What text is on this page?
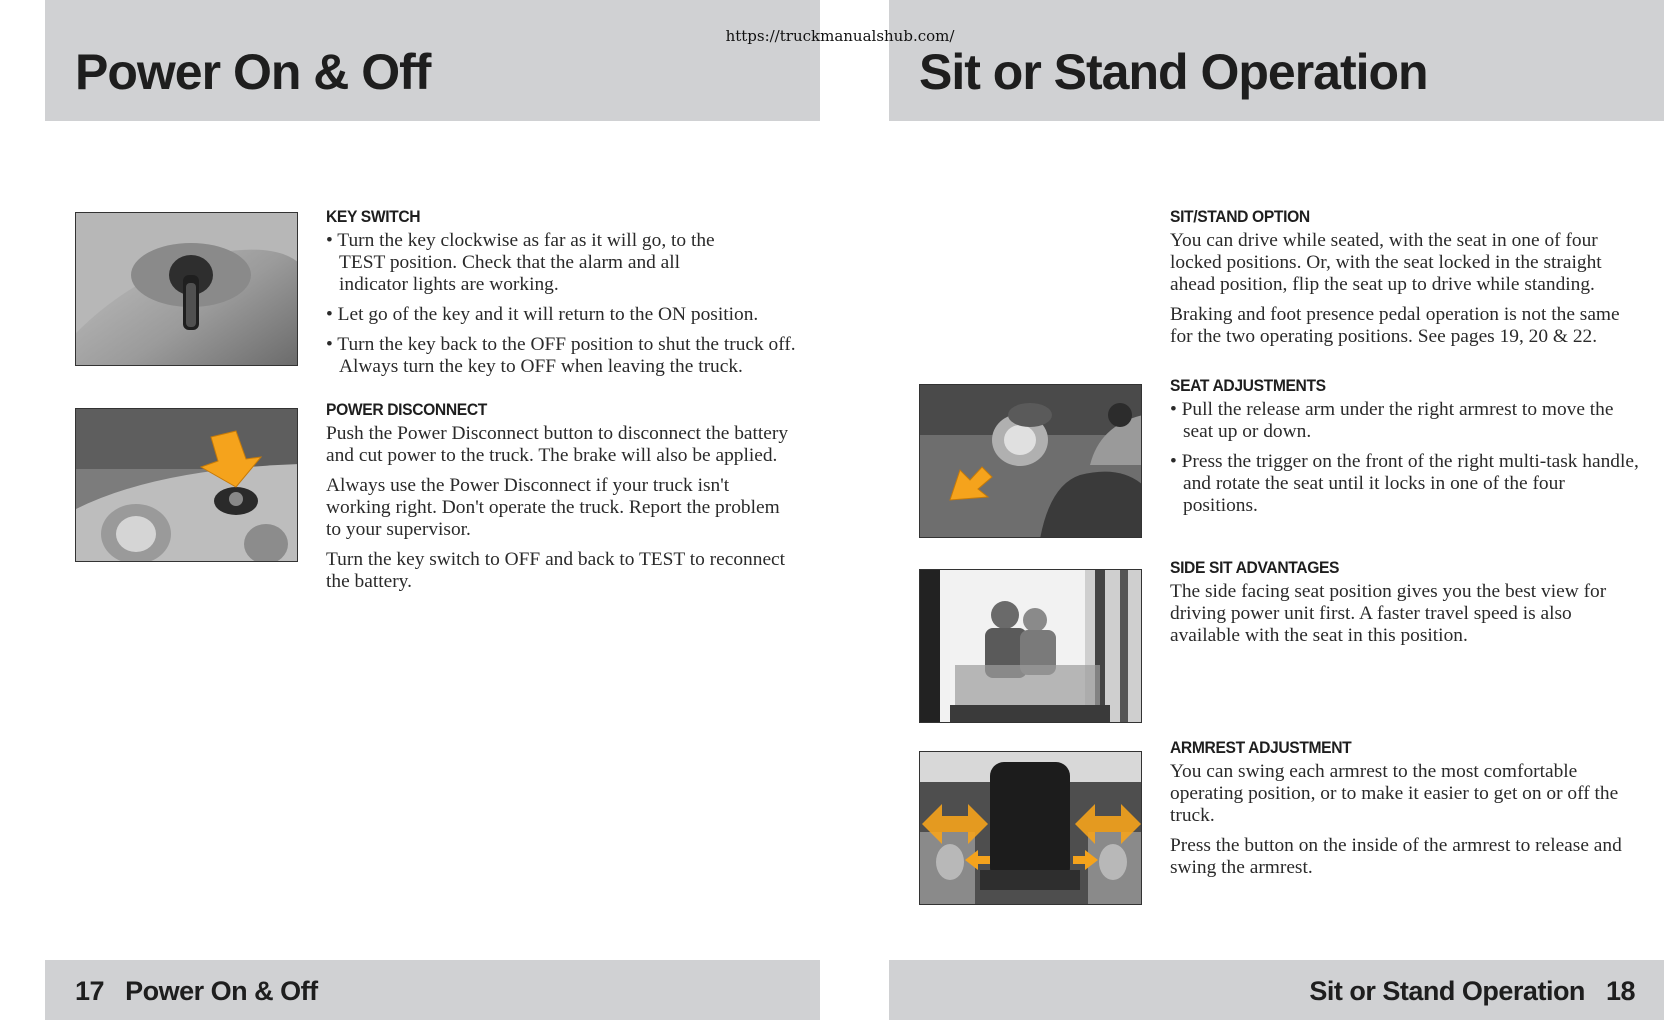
Power On & Off	Sit or Stand Operation
https://truckmanualshub.com/
KEY SWITCH
• Turn the key clockwise as far as it will go, to the TEST position. Check that the alarm and all indicator lights are working.
• Let go of the key and it will return to the ON position.
• Turn the key back to the OFF position to shut the truck off. Always turn the key to OFF when leaving the truck.
POWER DISCONNECT
Push the Power Disconnect button to disconnect the battery and cut power to the truck. The brake will also be applied.
Always use the Power Disconnect if your truck isn't working right. Don't operate the truck. Report the problem to your supervisor.
Turn the key switch to OFF and back to TEST to reconnect the battery.
SIT/STAND OPTION
You can drive while seated, with the seat in one of four locked positions. Or, with the seat locked in the straight ahead position, flip the seat up to drive while standing.
Braking and foot presence pedal operation is not the same for the two operating positions. See pages 19, 20 & 22.
SEAT ADJUSTMENTS
• Pull the release arm under the right armrest to move the seat up or down.
• Press the trigger on the front of the right multi-task handle, and rotate the seat until it locks in one of the four positions.
SIDE SIT ADVANTAGES
The side facing seat position gives you the best view for driving power unit first. A faster travel speed is also available with the seat in this position.
ARMREST ADJUSTMENT
You can swing each armrest to the most comfortable operating position, or to make it easier to get on or off the truck.
Press the button on the inside of the armrest to release and swing the armrest.
17 Power On & Off	Sit or Stand Operation 18
